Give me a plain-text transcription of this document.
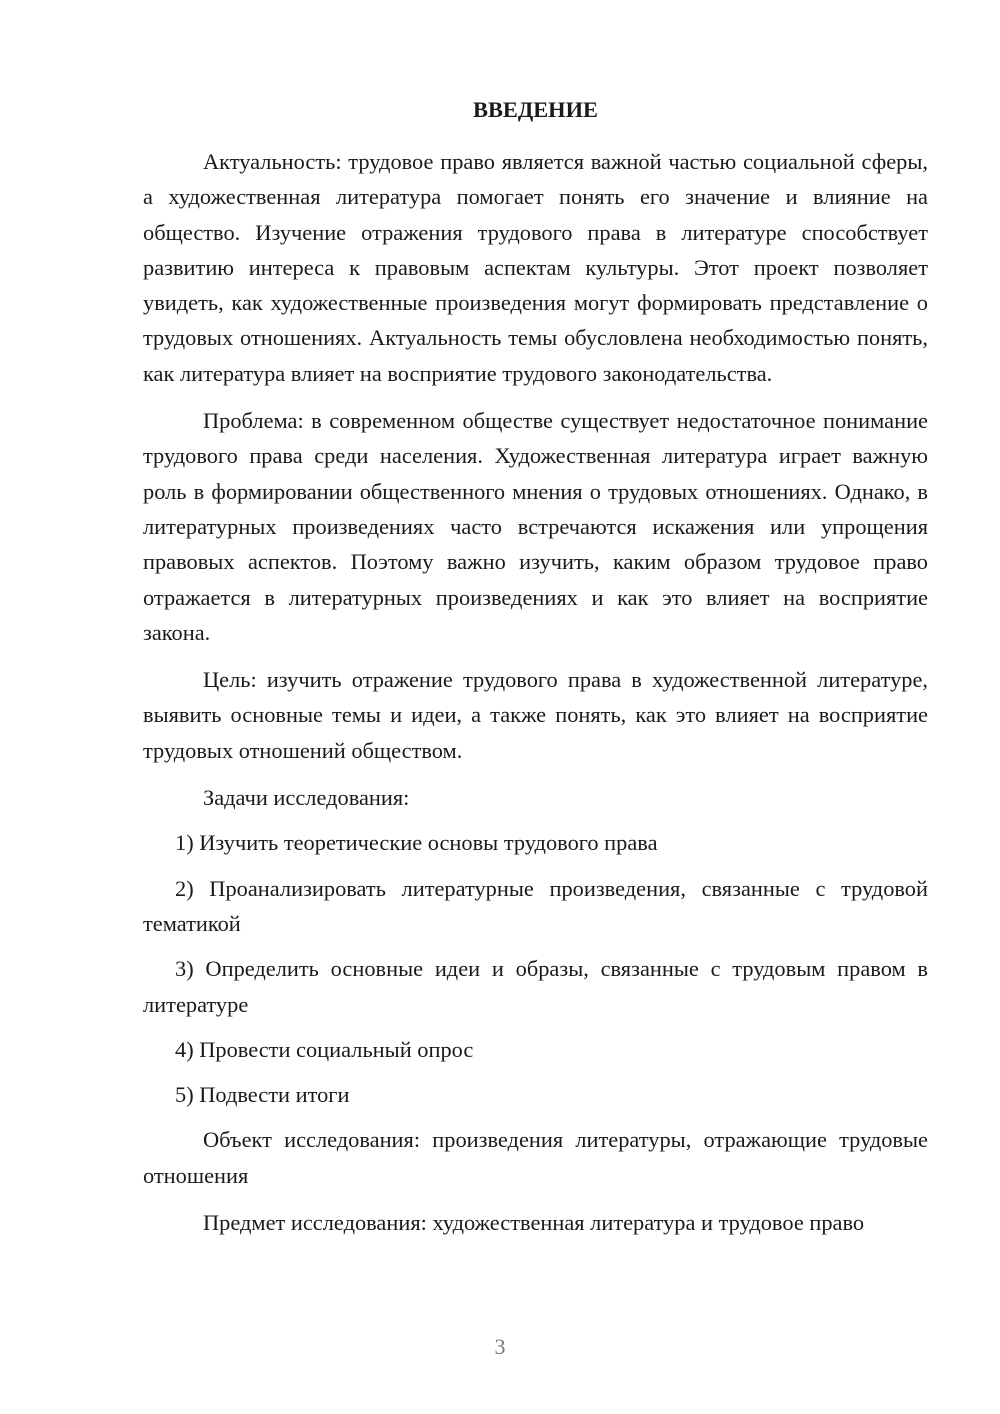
ВВЕДЕНИЕ

Актуальность: трудовое право является важной частью социальной сферы, а художественная литература помогает понять его значение и влияние на общество. Изучение отражения трудового права в литературе способствует развитию интереса к правовым аспектам культуры. Этот проект позволяет увидеть, как художественные произведения могут формировать представление о трудовых отношениях. Актуальность темы обусловлена необходимостью понять, как литература влияет на восприятие трудового законодательства.

Проблема: в современном обществе существует недостаточное понимание трудового права среди населения. Художественная литература играет важную роль в формировании общественного мнения о трудовых отношениях. Однако, в литературных произведениях часто встречаются искажения или упрощения правовых аспектов. Поэтому важно изучить, каким образом трудовое право отражается в литературных произведениях и как это влияет на восприятие закона.

Цель: изучить отражение трудового права в художественной литературе, выявить основные темы и идеи, а также понять, как это влияет на восприятие трудовых отношений обществом.

Задачи исследования:

1) Изучить теоретические основы трудового права

2) Проанализировать литературные произведения, связанные с трудовой тематикой

3) Определить основные идеи и образы, связанные с трудовым правом в литературе

4) Провести социальный опрос

5) Подвести итоги

Объект исследования: произведения литературы, отражающие трудовые отношения

Предмет исследования: художественная литература и трудовое право

3
